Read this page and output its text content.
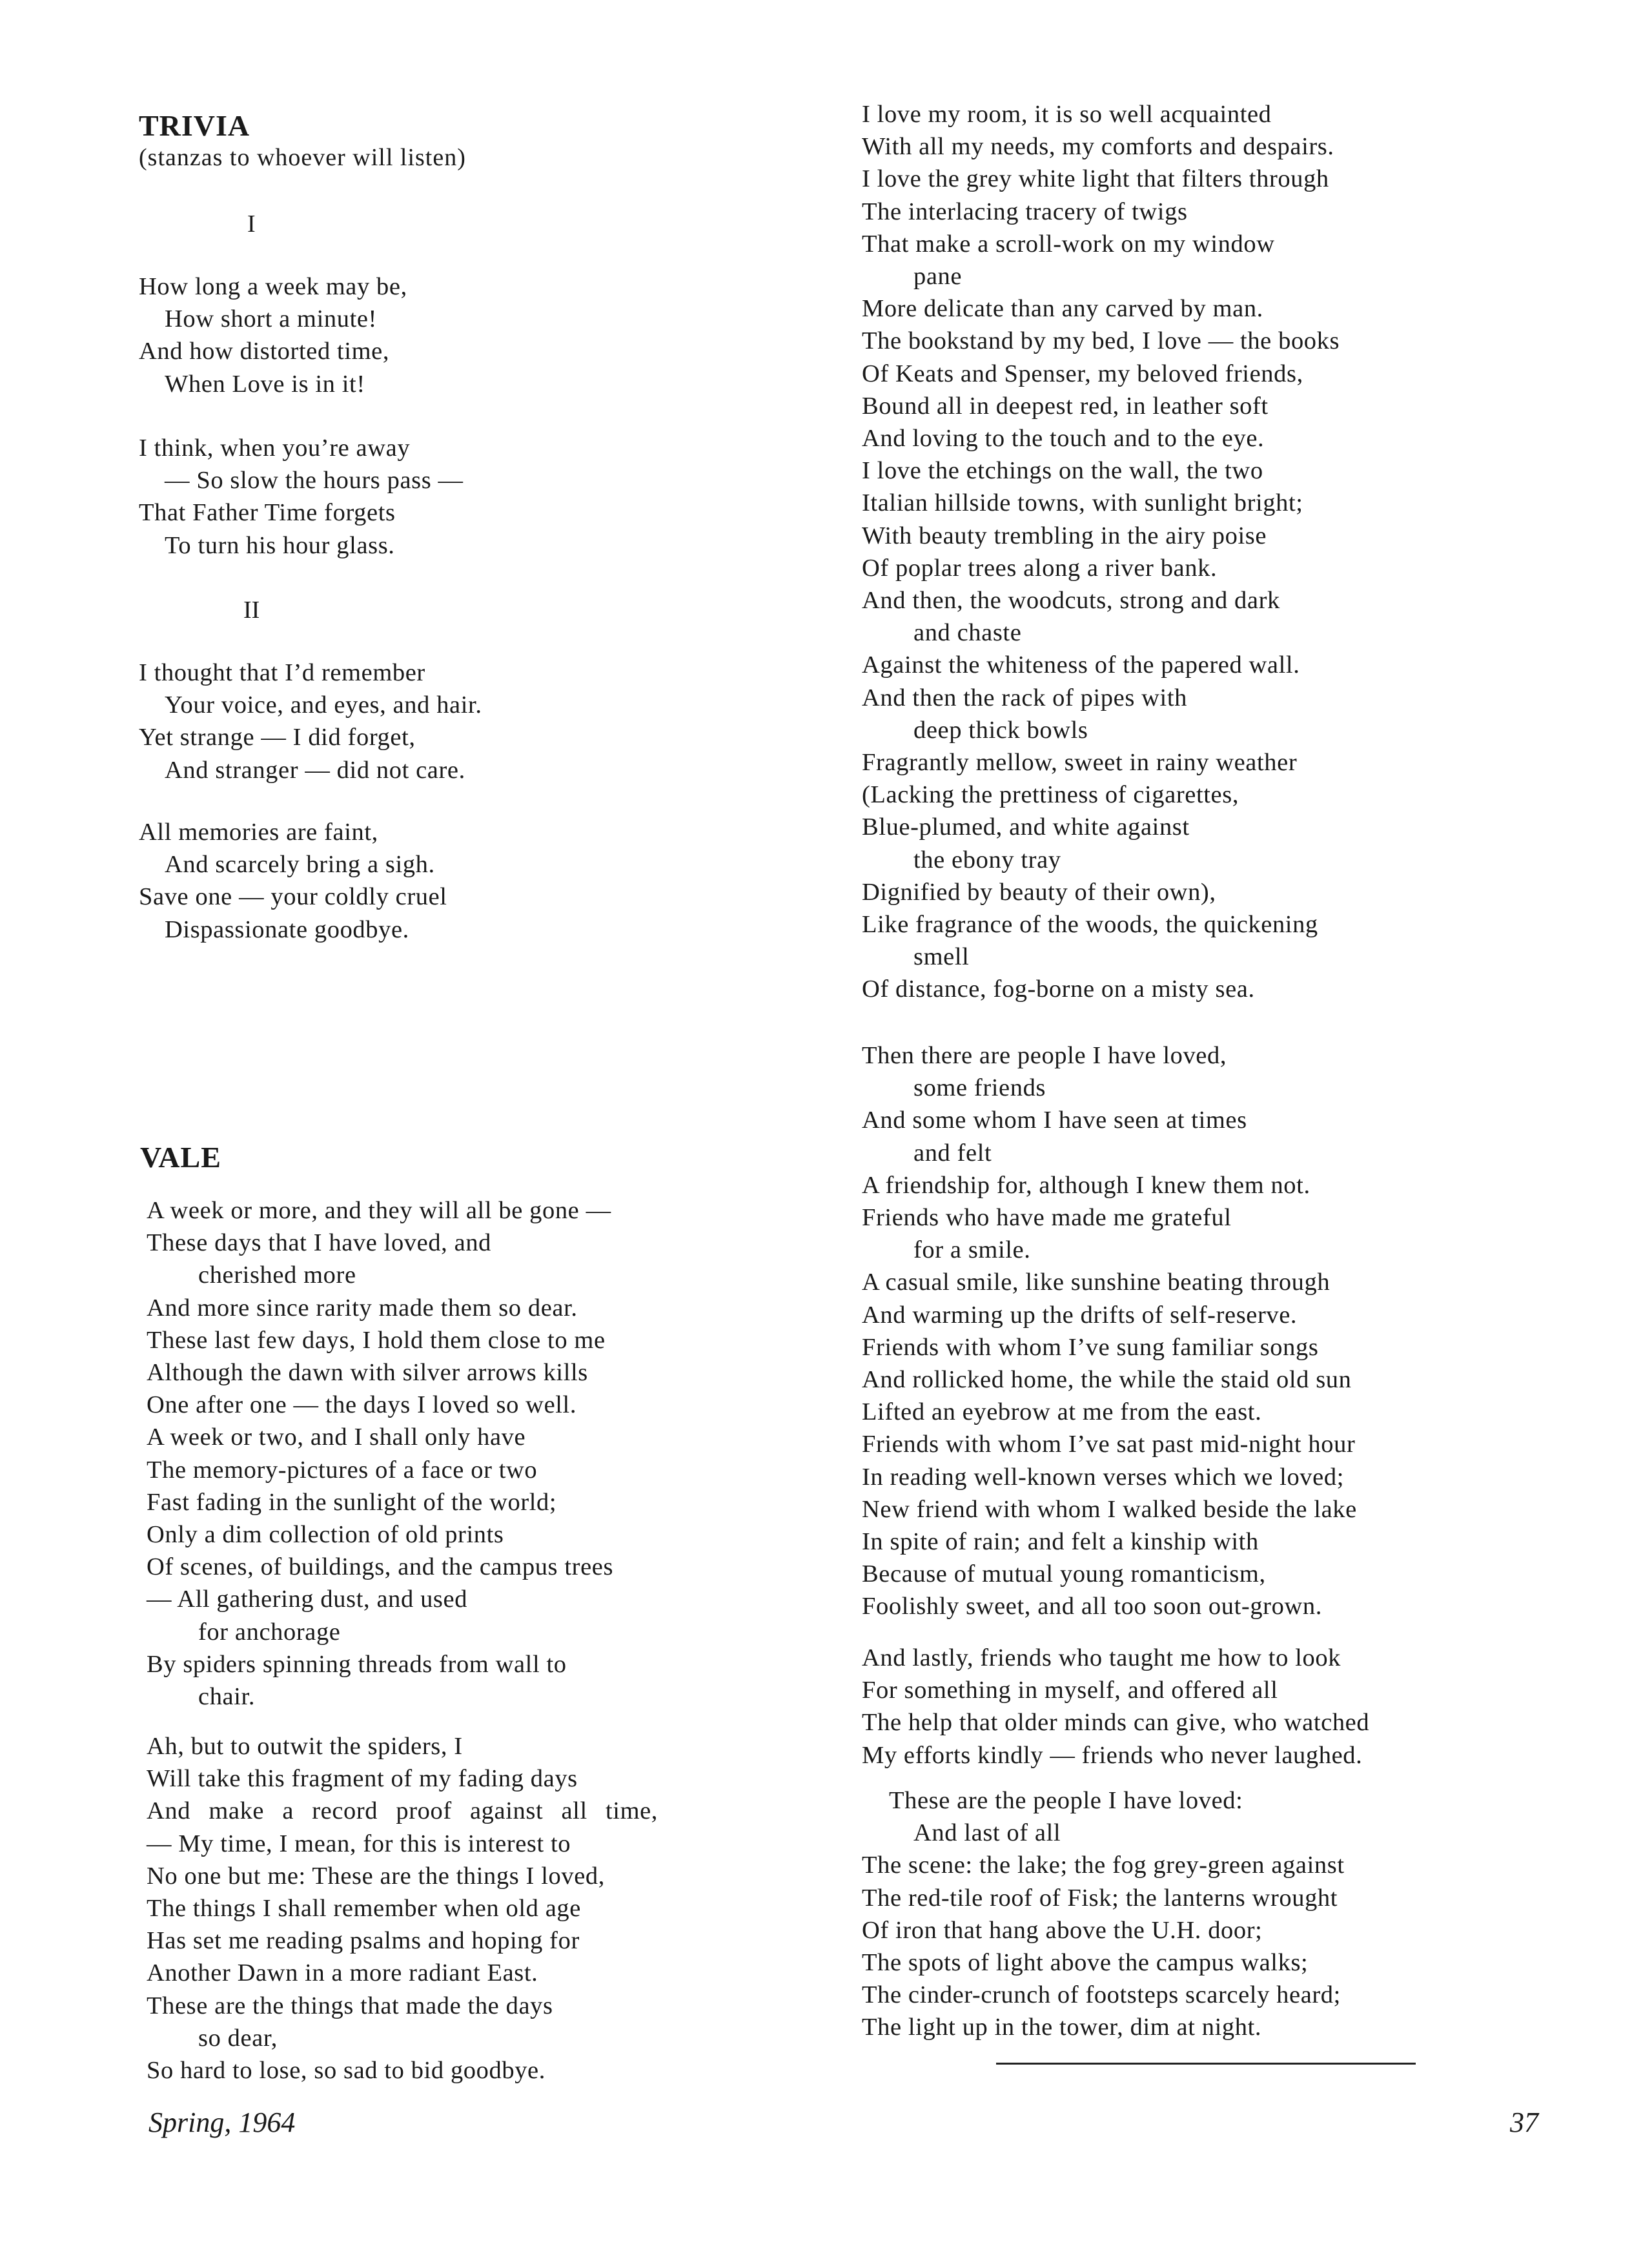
TRIVIA
(stanzas to whoever will listen)
I
How long a week may be,
How short a minute!
And how distorted time,
When Love is in it!
I think, when you’re away
— So slow the hours pass —
That Father Time forgets
To turn his hour glass.
II
I thought that I’d remember
Your voice, and eyes, and hair.
Yet strange — I did forget,
And stranger — did not care.
All memories are faint,
And scarcely bring a sigh.
Save one — your coldly cruel
Dispassionate goodbye.
VALE
A week or more, and they will all be gone —
These days that I have loved, and
cherished more
And more since rarity made them so dear.
These last few days, I hold them close to me
Although the dawn with silver arrows kills
One after one — the days I loved so well.
A week or two, and I shall only have
The memory-pictures of a face or two
Fast fading in the sunlight of the world;
Only a dim collection of old prints
Of scenes, of buildings, and the campus trees
— All gathering dust, and used
for anchorage
By spiders spinning threads from wall to
chair.
Ah, but to outwit the spiders, I
Will take this fragment of my fading days
And make a record proof against all time,
— My time, I mean, for this is interest to
No one but me: These are the things I loved,
The things I shall remember when old age
Has set me reading psalms and hoping for
Another Dawn in a more radiant East.
These are the things that made the days
so dear,
So hard to lose, so sad to bid goodbye.
Spring, 1964
I love my room, it is so well acquainted
With all my needs, my comforts and despairs.
I love the grey white light that filters through
The interlacing tracery of twigs
That make a scroll-work on my window
pane
More delicate than any carved by man.
The bookstand by my bed, I love — the books
Of Keats and Spenser, my beloved friends,
Bound all in deepest red, in leather soft
And loving to the touch and to the eye.
I love the etchings on the wall, the two
Italian hillside towns, with sunlight bright;
With beauty trembling in the airy poise
Of poplar trees along a river bank.
And then, the woodcuts, strong and dark
and chaste
Against the whiteness of the papered wall.
And then the rack of pipes with
deep thick bowls
Fragrantly mellow, sweet in rainy weather
(Lacking the prettiness of cigarettes,
Blue-plumed, and white against
the ebony tray
Dignified by beauty of their own),
Like fragrance of the woods, the quickening
smell
Of distance, fog-borne on a misty sea.
Then there are people I have loved,
some friends
And some whom I have seen at times
and felt
A friendship for, although I knew them not.
Friends who have made me grateful
for a smile.
A casual smile, like sunshine beating through
And warming up the drifts of self-reserve.
Friends with whom I’ve sung familiar songs
And rollicked home, the while the staid old sun
Lifted an eyebrow at me from the east.
Friends with whom I’ve sat past mid-night hour
In reading well-known verses which we loved;
New friend with whom I walked beside the lake
In spite of rain; and felt a kinship with
Because of mutual young romanticism,
Foolishly sweet, and all too soon out-grown.
And lastly, friends who taught me how to look
For something in myself, and offered all
The help that older minds can give, who watched
My efforts kindly — friends who never laughed.
These are the people I have loved:
And last of all
The scene: the lake; the fog grey-green against
The red-tile roof of Fisk; the lanterns wrought
Of iron that hang above the U.H. door;
The spots of light above the campus walks;
The cinder-crunch of footsteps scarcely heard;
The light up in the tower, dim at night.
37
